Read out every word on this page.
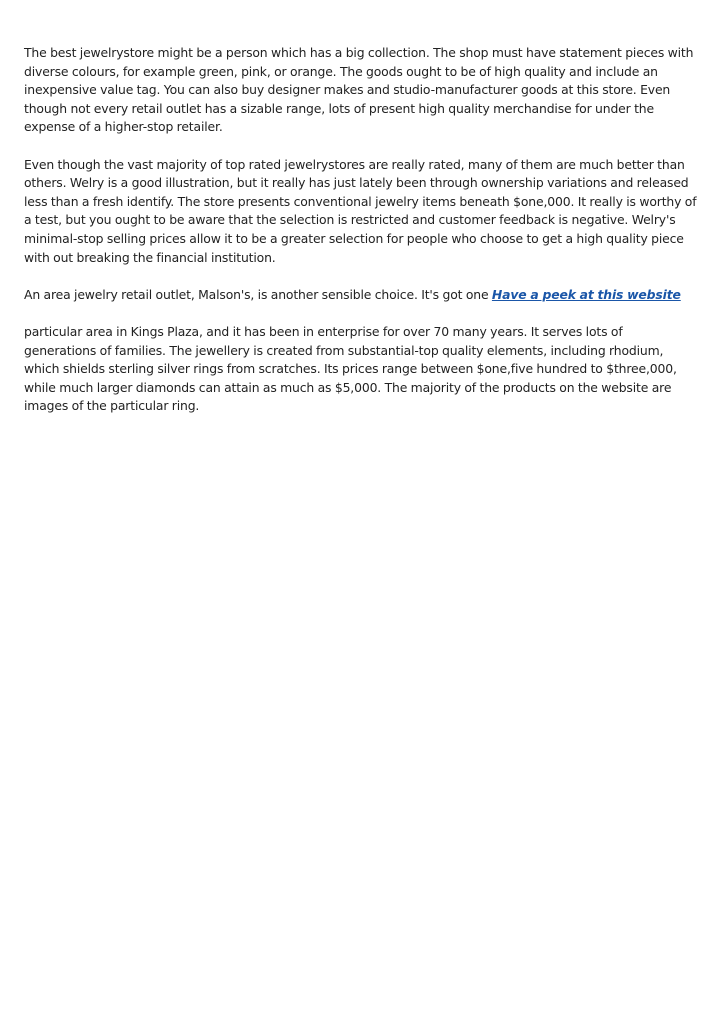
The best jewelrystore might be a person which has a big collection. The shop must have statement pieces with diverse colours, for example green, pink, or orange. The goods ought to be of high quality and include an inexpensive value tag. You can also buy designer makes and studio-manufacturer goods at this store. Even though not every retail outlet has a sizable range, lots of present high quality merchandise for under the expense of a higher-stop retailer.

Even though the vast majority of top rated jewelrystores are really rated, many of them are much better than others. Welry is a good illustration, but it really has just lately been through ownership variations and released less than a fresh identify. The store presents conventional jewelry items beneath $one,000. It really is worthy of a test, but you ought to be aware that the selection is restricted and customer feedback is negative. Welry's minimal-stop selling prices allow it to be a greater selection for people who choose to get a high quality piece with out breaking the financial institution.

An area jewelry retail outlet, Malson's, is another sensible choice. It's got one Have a peek at this website

particular area in Kings Plaza, and it has been in enterprise for over 70 many years. It serves lots of generations of families. The jewellery is created from substantial-top quality elements, including rhodium, which shields sterling silver rings from scratches. Its prices range between $one,five hundred to $three,000, while much larger diamonds can attain as much as $5,000. The majority of the products on the website are images of the particular ring.
